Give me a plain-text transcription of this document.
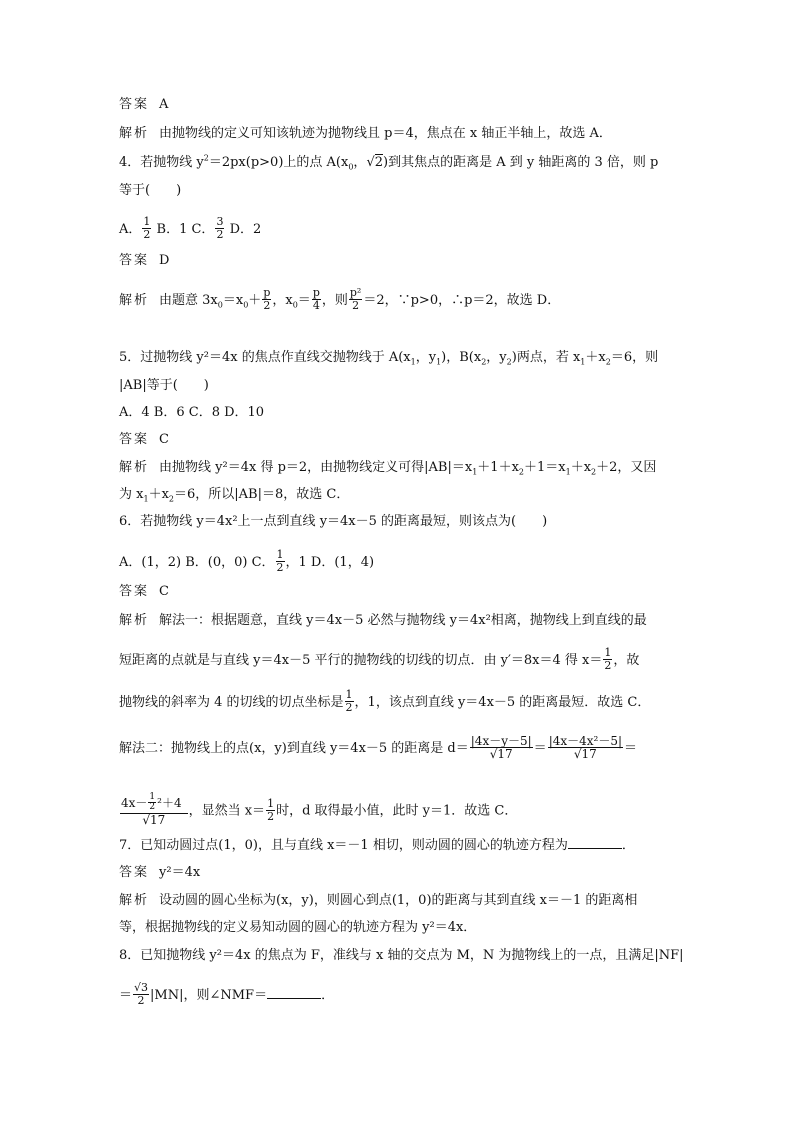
答案 A
解析 由抛物线的定义可知该轨迹为抛物线且 p＝4，焦点在 x 轴正半轴上，故选 A．
4．若抛物线 $y^2=2px(p>0)$上的点 $A(x_0$，√2)到其焦点的距离是 A 到 y 轴距离的 3 倍，则 p
等于(　　)
A． $\frac{1}{2}$ B．1 C． $\frac{3}{2}$ D．2
答案 D
解析 由题意 $3x_0=x_0+ \frac{p}{2}$ ，$x_0= \frac{p}{4}$ ，则 $\frac{\text{p²}}{2} =2$，∵p>0，∴p＝2，故选 D．
5．过抛物线 y²＝4x 的焦点作直线交抛物线于 $A(x_1$，$y_1$)，$B(x_2$，$y_2$)两点，若 $x_1+x_2=6$，则
|AB|等于(　　)
A．4 B．6 C．8 D．10
答案 C
解析 由抛物线 y²＝4x 得 p＝2，由抛物线定义可得$|AB|=x_1+1+x_2+1=x_1+x_2+2$，又因
为 $x_1+x_2=6$，所以|AB|＝8，故选 C．
6．若抛物线 y＝4x²上一点到直线 y＝4x－5 的距离最短，则该点为(　　)
A．(1，2) B．(0，0) C． $\frac{1}{2}$ ，1 D．(1，4)
答案 C
解析 解法一：根据题意，直线 y＝4x－5 必然与抛物线 y＝4x²相离，抛物线上到直线的最
短距离的点就是与直线 y＝4x－5 平行的抛物线的切线的切点．由 y′＝8x＝4 得 $x= \frac{1}{2}$ ，故
抛物线的斜率为 4 的切线的切点坐标是 $\frac{1}{2}$ ，1，该点到直线 y＝4x－5 的距离最短．故选 C．
解法二：抛物线上的点(x，y)到直线 y＝4x－5 的距离是 $d= \frac{|4x-y-5|}{√17} = \frac{\text{|4x－4x²－5|}}{√17}$ ＝
$\frac{4x- \frac{1}{2} ^2+4}{√17}$ ，显然当 $x= \frac{1}{2}$ 时，d 取得最小值，此时 y＝1．故选 C．
7．已知动圆过点(1，0)，且与直线 x＝－1 相切，则动圆的圆心的轨迹方程为	．
答案 y²＝4x
解析 设动圆的圆心坐标为(x，y)，则圆心到点(1，0)的距离与其到直线 x＝－1 的距离相
等，根据抛物线的定义易知动圆的圆心的轨迹方程为 y²＝4x．
8．已知抛物线 y²＝4x 的焦点为 F，准线与 x 轴的交点为 M，N 为抛物线上的一点，且满足|NF|
＝ $\frac{√3}{2} |MN|$，则∠NMF＝	．
